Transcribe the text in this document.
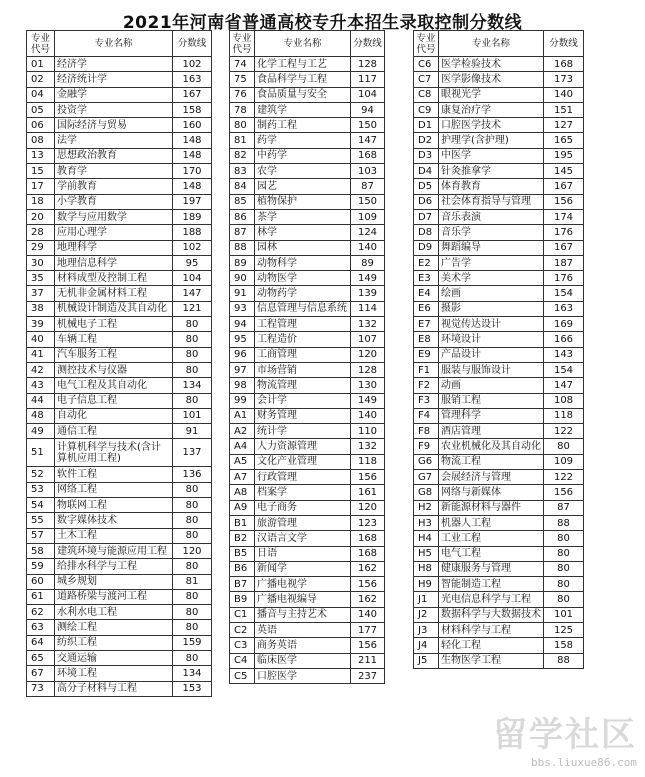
2021年河南省普通高校专升本招生录取控制分数线
专业代号	专业名称	分数线
01	经济学	102
02	经济统计学	163
04	金融学	167
05	投资学	158
06	国际经济与贸易	160
08	法学	148
13	思想政治教育	148
15	教育学	170
17	学前教育	148
18	小学教育	197
20	数学与应用数学	189
28	应用心理学	188
29	地理科学	102
30	地理信息科学	95
35	材料成型及控制工程	104
37	无机非金属材料工程	147
38	机械设计制造及其自动化	121
39	机械电子工程	80
40	车辆工程	80
41	汽车服务工程	80
42	测控技术与仪器	80
43	电气工程及其自动化	134
44	电子信息工程	80
48	自动化	101
49	通信工程	91
51	计算机科学与技术(含计算机应用工程)	137
52	软件工程	136
53	网络工程	80
54	物联网工程	80
55	数字媒体技术	80
57	土木工程	80
58	建筑环境与能源应用工程	120
59	给排水科学与工程	80
60	城乡规划	81
61	道路桥梁与渡河工程	80
62	水利水电工程	80
63	测绘工程	80
64	纺织工程	159
65	交通运输	80
67	环境工程	134
73	高分子材料与工程	153
专业代号	专业名称	分数线
74	化学工程与工艺	128
75	食品科学与工程	117
76	食品质量与安全	104
78	建筑学	94
80	制药工程	150
81	药学	147
82	中药学	168
83	农学	103
84	园艺	87
85	植物保护	150
86	茶学	109
87	林学	124
88	园林	140
89	动物科学	89
90	动物医学	149
91	动物药学	139
93	信息管理与信息系统	114
94	工程管理	132
95	工程造价	107
96	工商管理	120
97	市场营销	128
98	物流管理	130
99	会计学	149
A1	财务管理	140
A2	统计学	110
A4	人力资源管理	132
A5	文化产业管理	118
A7	行政管理	156
A8	档案学	161
A9	电子商务	120
B1	旅游管理	123
B2	汉语言文学	168
B5	日语	168
B6	新闻学	162
B7	广播电视学	156
B9	广播电视编导	162
C1	播音与主持艺术	140
C2	英语	177
C3	商务英语	156
C4	临床医学	211
C5	口腔医学	237
专业代号	专业名称	分数线
C6	医学检验技术	168
C7	医学影像技术	173
C8	眼视光学	140
C9	康复治疗学	151
D1	口腔医学技术	127
D2	护理学(含护理)	165
D3	中医学	195
D4	针灸推拿学	145
D5	体育教育	167
D6	社会体育指导与管理	156
D7	音乐表演	174
D8	音乐学	176
D9	舞蹈编导	167
E2	广告学	187
E3	美术学	176
E4	绘画	154
E6	摄影	163
E7	视觉传达设计	169
E8	环境设计	166
E9	产品设计	143
F1	服装与服饰设计	154
F2	动画	147
F3	服销工程	108
F4	管理科学	118
F8	酒店管理	122
F9	农业机械化及其自动化	80
G6	物流工程	109
G7	会展经济与管理	122
G8	网络与新媒体	156
H2	新能源材料与器件	87
H3	机器人工程	88
H4	工业工程	80
H5	电气工程	80
H8	健康服务与管理	80
H9	智能制造工程	80
J1	光电信息科学与工程	80
J2	数据科学与大数据技术	101
J3	材料科学与工程	125
J4	轻化工程	158
J5	生物医学工程	88
留学社区
bbs.liuxue86.com
